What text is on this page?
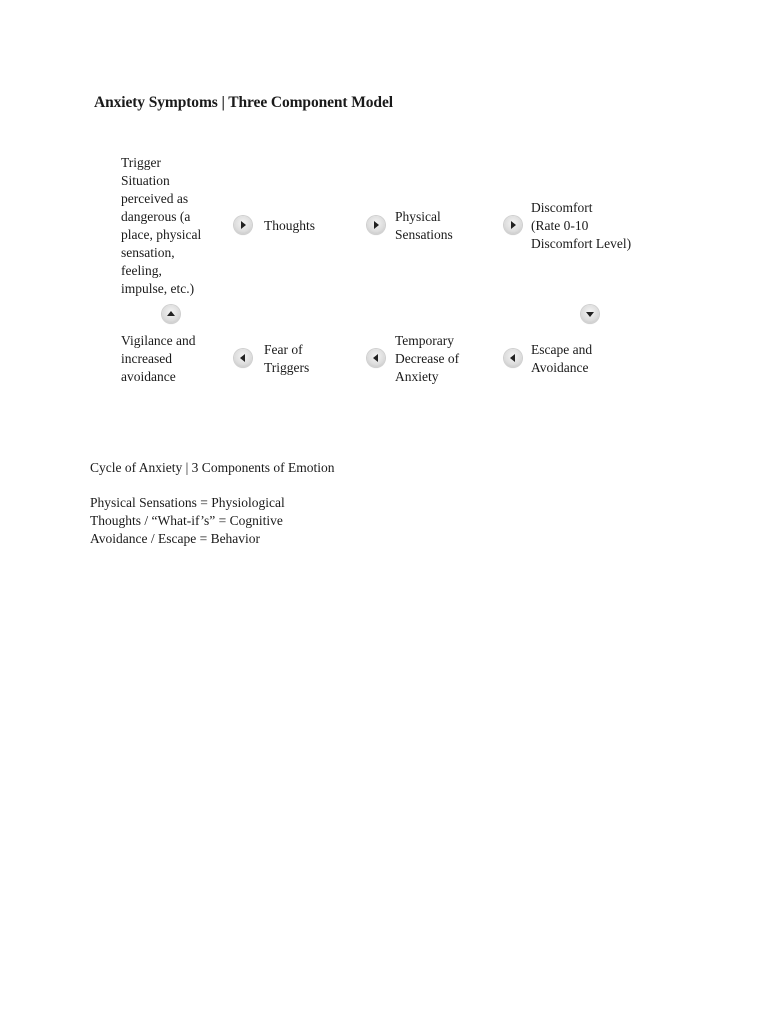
Anxiety Symptoms | Three Component Model
Trigger
Situation
perceived as
dangerous (a
place, physical
sensation,
feeling,
impulse, etc.)
Thoughts
Physical
Sensations
Discomfort
(Rate 0-10
Discomfort Level)
Vigilance and
increased
avoidance
Fear of
Triggers
Temporary
Decrease of
Anxiety
Escape and
Avoidance
Cycle of Anxiety | 3 Components of Emotion
Physical Sensations = Physiological
Thoughts / “What-if’s” = Cognitive
Avoidance / Escape = Behavior
